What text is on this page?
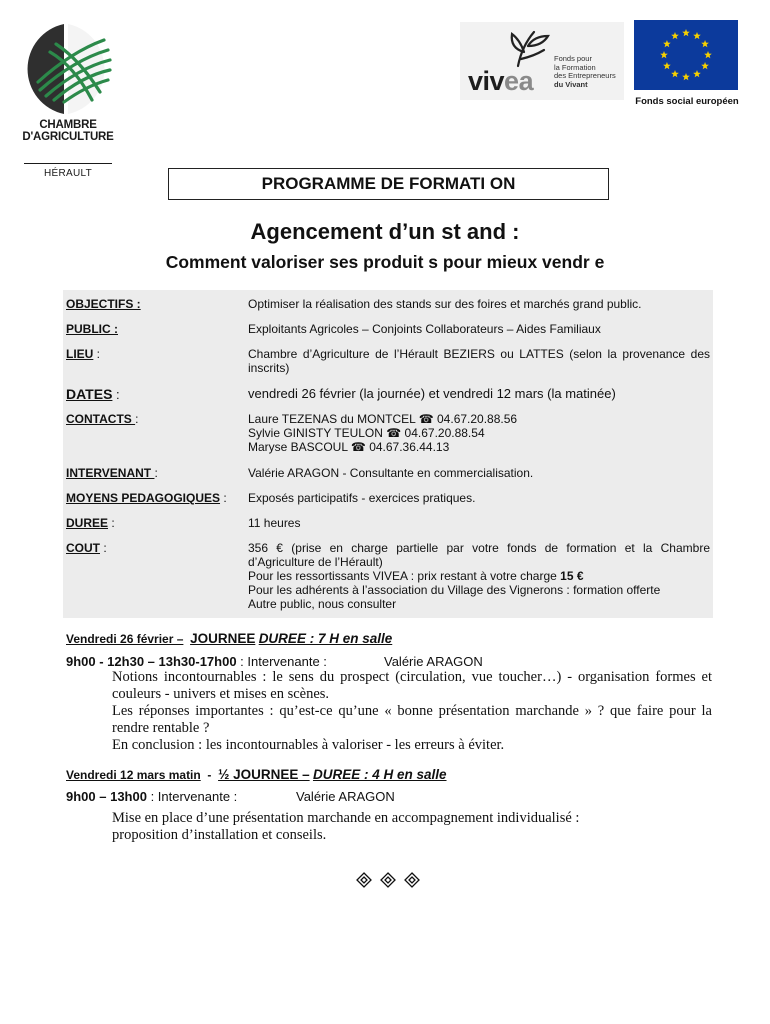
CHAMBRE
D'AGRICULTURE
HÉRAULT
vivea
Fonds pour
la Formation
des Entrepreneurs
du Vivant
Fonds social européen
PROGRAMME DE FORMATI ON
Agencement d’un st and :
Comment valoriser ses produit s pour mieux vendr e
OBJECTIFS :	Optimiser la réalisation des stands sur des foires et marchés grand public.
PUBLIC :	Exploitants Agricoles – Conjoints Collaborateurs – Aides Familiaux
LIEU :	Chambre d’Agriculture de l’Hérault BEZIERS ou LATTES (selon la provenance des inscrits)
DATES :	vendredi 26 février (la journée) et vendredi 12 mars (la matinée)
CONTACTS :	Laure TEZENAS du MONTCEL ☎ 04.67.20.88.56
Sylvie GINISTY TEULON ☎ 04.67.20.88.54
Maryse BASCOUL ☎ 04.67.36.44.13
INTERVENANT :	Valérie ARAGON - Consultante en commercialisation.
MOYENS PEDAGOGIQUES :	Exposés participatifs - exercices pratiques.
DUREE :	11 heures
COUT :	356 € (prise en charge partielle par votre fonds de formation et la Chambre d’Agriculture de l’Hérault)
Pour les ressortissants VIVEA : prix restant à votre charge 15 €
Pour les adhérents à l’association du Village des Vignerons : formation offerte
Autre public, nous consulter
Vendredi 26 février – JOURNEE DUREE : 7 H en salle
9h00 - 12h30 – 13h30-17h00 : Intervenante :	Valérie ARAGON
Notions incontournables : le sens du prospect (circulation, vue toucher…) - organisation formes et couleurs - univers et mises en scènes.
Les réponses importantes : qu’est-ce qu’une « bonne présentation marchande » ? que faire pour la rendre rentable ?
En conclusion : les incontournables à valoriser - les erreurs à éviter.
Vendredi 12 mars matin  -  ½ JOURNEE – DUREE : 4 H en salle
9h00 – 13h00 : Intervenante :	Valérie ARAGON
Mise en place d’une présentation marchande en accompagnement individualisé : proposition d’installation et conseils.
